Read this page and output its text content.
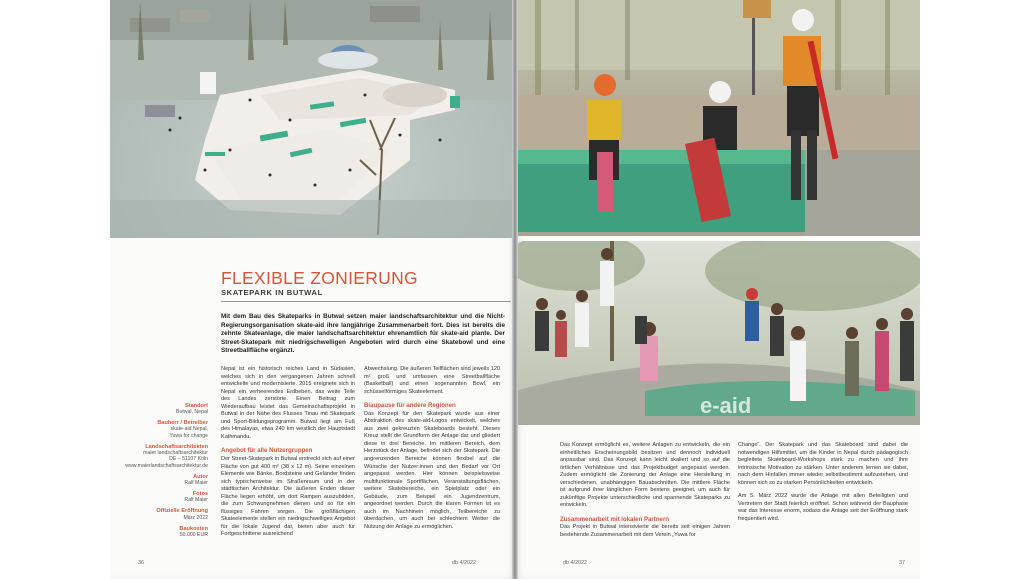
36	db 4/2022
e-aid
db 4/2022	37
FLEXIBLE ZONIERUNG
SKATEPARK IN BUTWAL

Mit dem Bau des Skateparks in Butwal setzen maier landschaftsarchitektur und die Nicht-Regierungsorganisation skate-aid ihre langjährige Zusammenarbeit fort. Dies ist bereits die zehnte Skateanlage, die maier landschaftsarchitektur ehrenamtlich für skate-aid plante. Der Street-Skatepark mit niedrigschwelligen Angeboten wird durch eine Skatebowl und eine Streetballfläche ergänzt.

Standort
Butwal, Nepal
Bauherr / Betreiber
skate-aid Nepal,
Yuwa for change
Landschaftsarchitekten
maier landschaftsarchitektur
DE – 51107 Köln
www.maierlandschaftsarchitektur.de
Autor
Ralf Maier
Fotos
Ralf Maier
Offizielle Eröffnung
März 2022
Baukosten
50.000 EUR

Nepal ist ein historisch reiches Land in Südasien, welches sich in den vergangenen Jahren schnell entwickelte und modernisierte. 2015 ereignete sich in Nepal ein verheerendes Erdbeben, das weite Teile des Landes zerstörte. Einen Beitrag zum Wiederaufbau leistet das Gemeinschaftsprojekt in Butwal in der Nähe des Flusses Tinau mit Skatepark und Sport-Bildungsprogramm. Butwal liegt am Fuß des Himalayas, etwa 240 km westlich der Hauptstadt Kathmandu.

Angebot für alle Nutzergruppen

Der Street-Skatepark in Butwal erstreckt sich auf einer Fläche von gut 400 m² (38 x 12 m). Seine einzelnen Elemente wie Bänke, Bordsteine und Geländer finden sich typischerweise im Straßenraum und in der städtischen Architektur. Die äußeren Enden dieser Fläche liegen erhöht, um dort Rampen auszubilden, die zum Schwungnehmen dienen und so für ein flüssiges Fahren sorgen. Die großflächigen Skateelemente stellen ein niedrigschwelliges Angebot für die lokale Jugend dar, bieten aber auch für Fortgeschrittene ausreichend

Abwechslung. Die äußeren Teilflächen sind jeweils 120 m² groß und umfassen eine Streetballfläche (Basketball) und einen sogenannten Bowl, ein schüsselförmiges Skateelement.

Blaupause für andere Regionen

Das Konzept für den Skatepark wurde aus einer Abstraktion des skate-aid-Logos entwickelt, welches aus zwei gekreuzten Skateboards besteht. Dieses Kreuz stellt die Grundform der Anlage dar und gliedert diese in drei Bereiche. Im mittleren Bereich, dem Herzstück der Anlage, befindet sich der Skatepark. Die angrenzenden Bereiche können flexibel auf die Wünsche der Nutzer:innen und den Bedarf vor Ort angepasst werden. Hier können beispielsweise multifunktionale Sportflächen, Veranstaltungsflächen, weitere Skatebereiche, ein Spielplatz oder ein Gebäude, zum Beispiel ein Jugendzentrum, angeordnet werden. Durch die klaren Formen ist es auch im Nachhinein möglich, Teilbereiche zu überdachen, um auch bei schlechtem Wetter die Nutzung der Anlage zu ermöglichen.

Das Konzept ermöglicht es, weitere Anlagen zu entwickeln, die ein einheitliches Erscheinungsbild besitzen und dennoch individuell anpassbar sind. Das Konzept kann leicht skaliert und so auf die örtlichen Verhältnisse und das Projektbudget angepasst werden. Zudem ermöglicht die Zonierung der Anlage eine Herstellung in verschiedenen, unabhängigen Bauabschnitten. Die mittlere Fläche ist aufgrund ihrer länglichen Form bestens geeignet, um auch für zukünftige Projekte unterschiedliche und spannende Skateparks zu entwickeln.

Zusammenarbeit mit lokalen Partnern

Das Projekt in Butwal intensivierte die bereits seit einigen Jahren bestehende Zusammenarbeit mit dem Verein „Yuwa for

Change“. Der Skatepark und das Skateboard sind dabei die notwendigen Hilfsmittel, um die Kinder in Nepal durch pädagogisch begleitete Skateboard-Workshops stark zu machen und ihre intrinsische Motivation zu stärken. Unter anderem lernen sie dabei, nach dem Hinfallen immer wieder selbstbestimmt aufzustehen, und können sich so zu starken Persönlichkeiten entwickeln.

Am 5. März 2022 wurde die Anlage mit allen Beteiligten und Vertretern der Stadt feierlich eröffnet. Schon während der Bauphase war das Interesse enorm, sodass die Anlage seit der Eröffnung stark frequentiert wird.
